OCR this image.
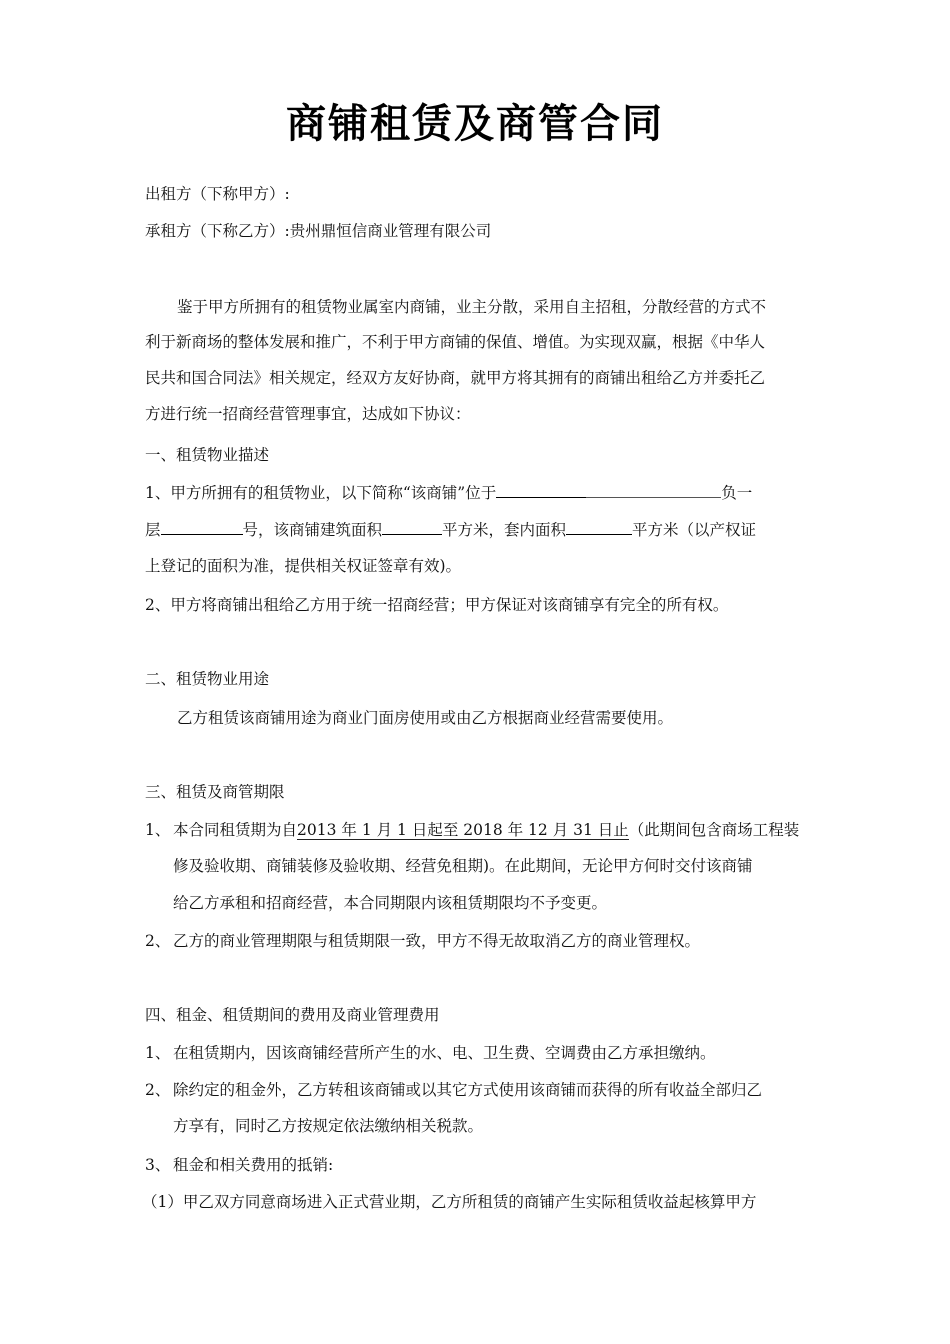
商铺租赁及商管合同
出租方（下称甲方）:
承租方（下称乙方）:贵州鼎恒信商业管理有限公司
鉴于甲方所拥有的租赁物业属室内商铺，业主分散，采用自主招租，分散经营的方式不
利于新商场的整体发展和推广，不利于甲方商铺的保值、增值。为实现双赢，根据《中华人
民共和国合同法》相关规定，经双方友好协商，就甲方将其拥有的商铺出租给乙方并委托乙
方进行统一招商经营管理事宜，达成如下协议：
一、租赁物业描述
1、甲方所拥有的租赁物业，以下简称“该商铺”位于	负一
层	号，该商铺建筑面积	平方米，套内面积	平方米（以产权证
上登记的面积为准，提供相关权证签章有效)。
2、甲方将商铺出租给乙方用于统一招商经营；甲方保证对该商铺享有完全的所有权。
二、租赁物业用途
乙方租赁该商铺用途为商业门面房使用或由乙方根据商业经营需要使用。
三、租赁及商管期限
1、 本合同租赁期为自2013 年 1 月 1 日起至 2018 年 12 月 31 日止（此期间包含商场工程装
修及验收期、商铺装修及验收期、经营免租期)。在此期间，无论甲方何时交付该商铺
给乙方承租和招商经营，本合同期限内该租赁期限均不予变更。
2、 乙方的商业管理期限与租赁期限一致，甲方不得无故取消乙方的商业管理权。
四、租金、租赁期间的费用及商业管理费用
1、 在租赁期内，因该商铺经营所产生的水、电、卫生费、空调费由乙方承担缴纳。
2、 除约定的租金外，乙方转租该商铺或以其它方式使用该商铺而获得的所有收益全部归乙
方享有，同时乙方按规定依法缴纳相关税款。
3、 租金和相关费用的抵销:
（1）甲乙双方同意商场进入正式营业期，乙方所租赁的商铺产生实际租赁收益起核算甲方
